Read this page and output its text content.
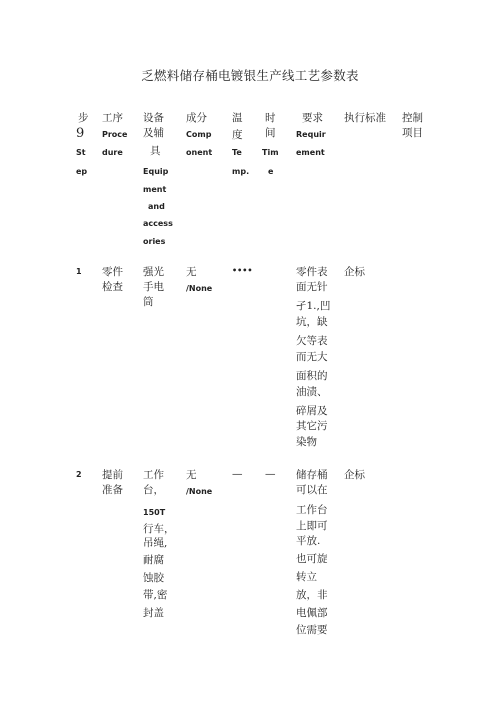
乏燃料储存桶电镀银生产线工艺参数表
步
9
St
ep
工序
Proce
dure
设备
及辅
具
Equip
ment
and
access
ories
成分
Comp
onent
温
度
Te
mp.
时
间
Tim
e
要求
Requir
ement
执行标准 控制
项目
1 零件
检查
强光
手电
筒
无
/None
••••	零件表
面无针
孑1.,凹
坑，缺
欠等表
而无大
面积的
油渍、
碎屑及
其它污
染物
企标
2 提前
准备
工作
台，
150T
行车，
吊绳,
耐腐
蚀胶
带,密
封盖
无
/None
— — 储存桶
可以在
工作台
上即可
平放.
也可旋
转立
放，非
电佩部
位需要
企标
